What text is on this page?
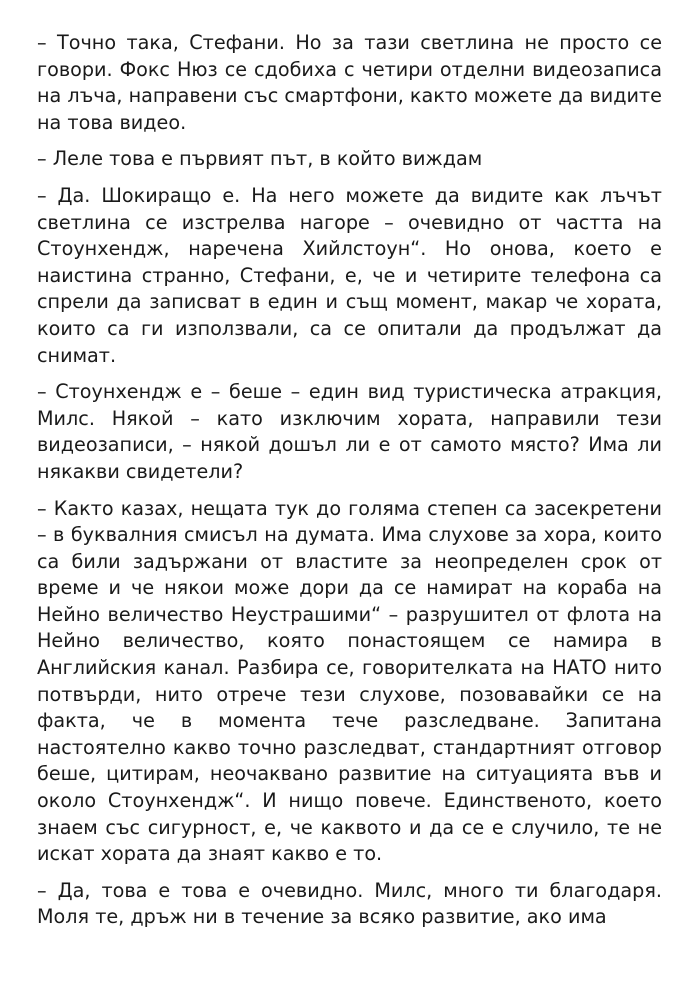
– Точно така, Стефани. Но за тази светлина не просто се говори. Фокс Нюз се сдобиха с четири отделни видеозаписа на лъча, направени със смартфони, както можете да видите на това видео.

– Леле това е първият път, в който виждам

– Да. Шокиращо е. На него можете да видите как лъчът светлина се изстрелва нагоре – очевидно от частта на Стоунхендж, наречена Хийлстоун“. Но онова, което е наистина странно, Стефани, е, че и четирите телефона са спрели да записват в един и същ момент, макар че хората, които са ги използвали, са се опитали да продължат да снимат.

– Стоунхендж е – беше – един вид туристическа атракция, Милс. Някой – като изключим хората, направили тези видеозаписи, – някой дошъл ли е от самото място? Има ли някакви свидетели?

– Както казах, нещата тук до голяма степен са засекретени – в буквалния смисъл на думата. Има слухове за хора, които са били задържани от властите за неопределен срок от време и че някои може дори да се намират на кораба на Нейно величество Неустрашими“ – разрушител от флота на Нейно величество, която понастоящем се намира в Английския канал. Разбира се, говорителката на НАТО нито потвърди, нито отрече тези слухове, позовавайки се на факта, че в момента тече разследване. Запитана настоятелно какво точно разследват, стандартният отговор беше, цитирам, неочаквано развитие на ситуацията във и около Стоунхендж“. И нищо повече. Единственото, което знаем със сигурност, е, че каквото и да се е случило, те не искат хората да знаят какво е то.

– Да, това е това е очевидно. Милс, много ти благодаря. Моля те, дръж ни в течение за всяко развитие, ако има
